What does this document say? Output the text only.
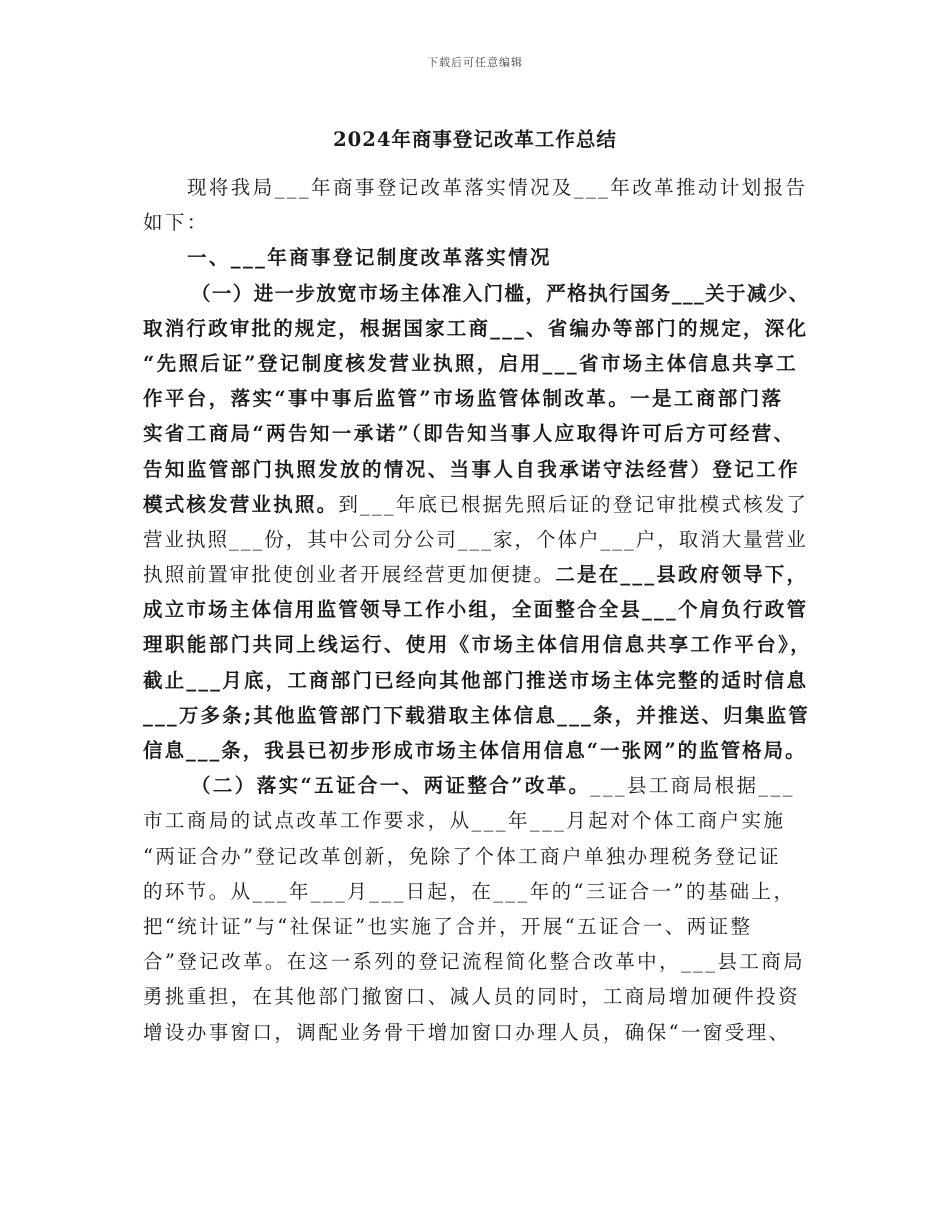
下载后可任意编辑
2024年商事登记改革工作总结
现将我局___年商事登记改革落实情况及___年改革推动计划报告
如下：
一、___年商事登记制度改革落实情况
（一）进一步放宽市场主体准入门槛，严格执行国务___关于减少、
取消行政审批的规定，根据国家工商___、省编办等部门的规定，深化
“先照后证”登记制度核发营业执照，启用___省市场主体信息共享工
作平台，落实“事中事后监管”市场监管体制改革。一是工商部门落
实省工商局“两告知一承诺”（即告知当事人应取得许可后方可经营、
告知监管部门执照发放的情况、当事人自我承诺守法经营）登记工作
模式核发营业执照。到___年底已根据先照后证的登记审批模式核发了
营业执照___份，其中公司分公司___家，个体户___户，取消大量营业
执照前置审批使创业者开展经营更加便捷。二是在___县政府领导下，
成立市场主体信用监管领导工作小组，全面整合全县___个肩负行政管
理职能部门共同上线运行、使用《市场主体信用信息共享工作平台》，
截止___月底，工商部门已经向其他部门推送市场主体完整的适时信息
___万多条;其他监管部门下载猎取主体信息___条，并推送、归集监管
信息___条，我县已初步形成市场主体信用信息“一张网”的监管格局。
（二）落实“五证合一、两证整合”改革。___县工商局根据___
市工商局的试点改革工作要求，从___年___月起对个体工商户实施
“两证合办”登记改革创新，免除了个体工商户单独办理税务登记证
的环节。从___年___月___日起，在___年的“三证合一”的基础上，
把“统计证”与“社保证”也实施了合并，开展“五证合一、两证整
合”登记改革。在这一系列的登记流程简化整合改革中，___县工商局
勇挑重担，在其他部门撤窗口、减人员的同时，工商局增加硬件投资
增设办事窗口，调配业务骨干增加窗口办理人员，确保“一窗受理、
